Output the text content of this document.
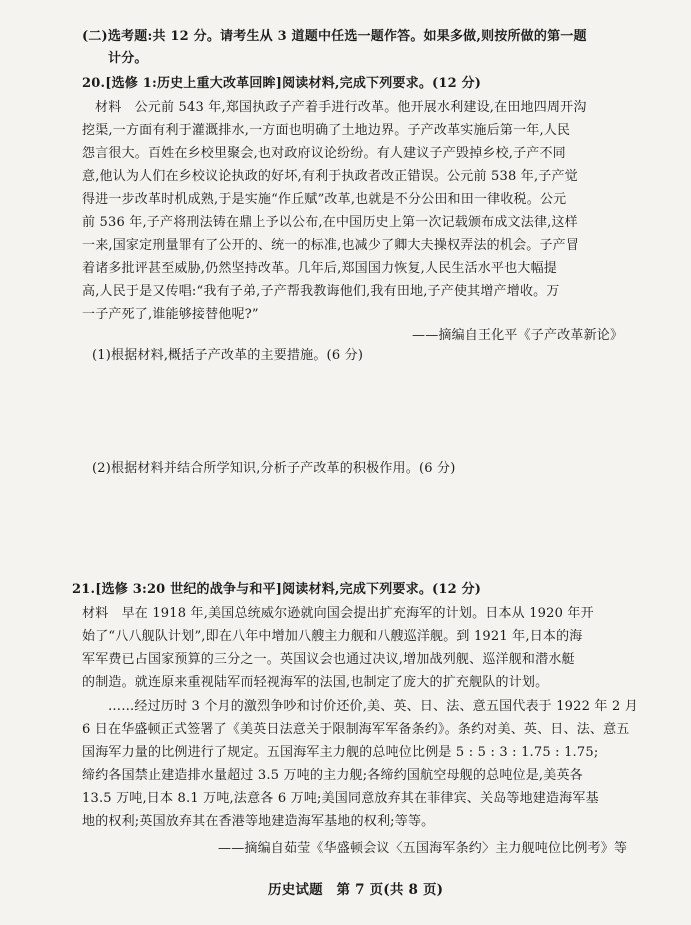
(二)选考题:共 12 分。请考生从 3 道题中任选一题作答。如果多做,则按所做的第一题
计分。
20.[选修 1:历史上重大改革回眸]阅读材料,完成下列要求。(12 分)
材料　公元前 543 年,郑国执政子产着手进行改革。他开展水利建设,在田地四周开沟
挖渠,一方面有利于灌溉排水,一方面也明确了土地边界。子产改革实施后第一年,人民
怨言很大。百姓在乡校里聚会,也对政府议论纷纷。有人建议子产毁掉乡校,子产不同
意,他认为人们在乡校议论执政的好坏,有利于执政者改正错误。公元前 538 年,子产觉
得进一步改革时机成熟,于是实施“作丘赋”改革,也就是不分公田和田一律收税。公元
前 536 年,子产将刑法铸在鼎上予以公布,在中国历史上第一次记载颁布成文法律,这样
一来,国家定刑量罪有了公开的、统一的标准,也减少了卿大夫操权弄法的机会。子产冒
着诸多批评甚至威胁,仍然坚持改革。几年后,郑国国力恢复,人民生活水平也大幅提
高,人民于是又传唱:“我有子弟,子产帮我教诲他们,我有田地,子产使其增产增收。万
一子产死了,谁能够接替他呢?”
——摘编自王化平《子产改革新论》
(1)根据材料,概括子产改革的主要措施。(6 分)
(2)根据材料并结合所学知识,分析子产改革的积极作用。(6 分)
21.[选修 3:20 世纪的战争与和平]阅读材料,完成下列要求。(12 分)
材料　早在 1918 年,美国总统威尔逊就向国会提出扩充海军的计划。日本从 1920 年开
始了“八八舰队计划”,即在八年中增加八艘主力舰和八艘巡洋舰。到 1921 年,日本的海
军军费已占国家预算的三分之一。英国议会也通过决议,增加战列舰、巡洋舰和潜水艇
的制造。就连原来重视陆军而轻视海军的法国,也制定了庞大的扩充舰队的计划。
……经过历时 3 个月的激烈争吵和讨价还价,美、英、日、法、意五国代表于 1922 年 2 月
6 日在华盛顿正式签署了《美英日法意关于限制海军军备条约》。条约对美、英、日、法、意五
国海军力量的比例进行了规定。五国海军主力舰的总吨位比例是 5 : 5 : 3 : 1.75 : 1.75;
缔约各国禁止建造排水量超过 3.5 万吨的主力舰;各缔约国航空母舰的总吨位是,美英各
13.5 万吨,日本 8.1 万吨,法意各 6 万吨;美国同意放弃其在菲律宾、关岛等地建造海军基
地的权利;英国放弃其在香港等地建造海军基地的权利;等等。
——摘编自茹莹《华盛顿会议〈五国海军条约〉主力舰吨位比例考》等
历史试题　第 7 页(共 8 页)
